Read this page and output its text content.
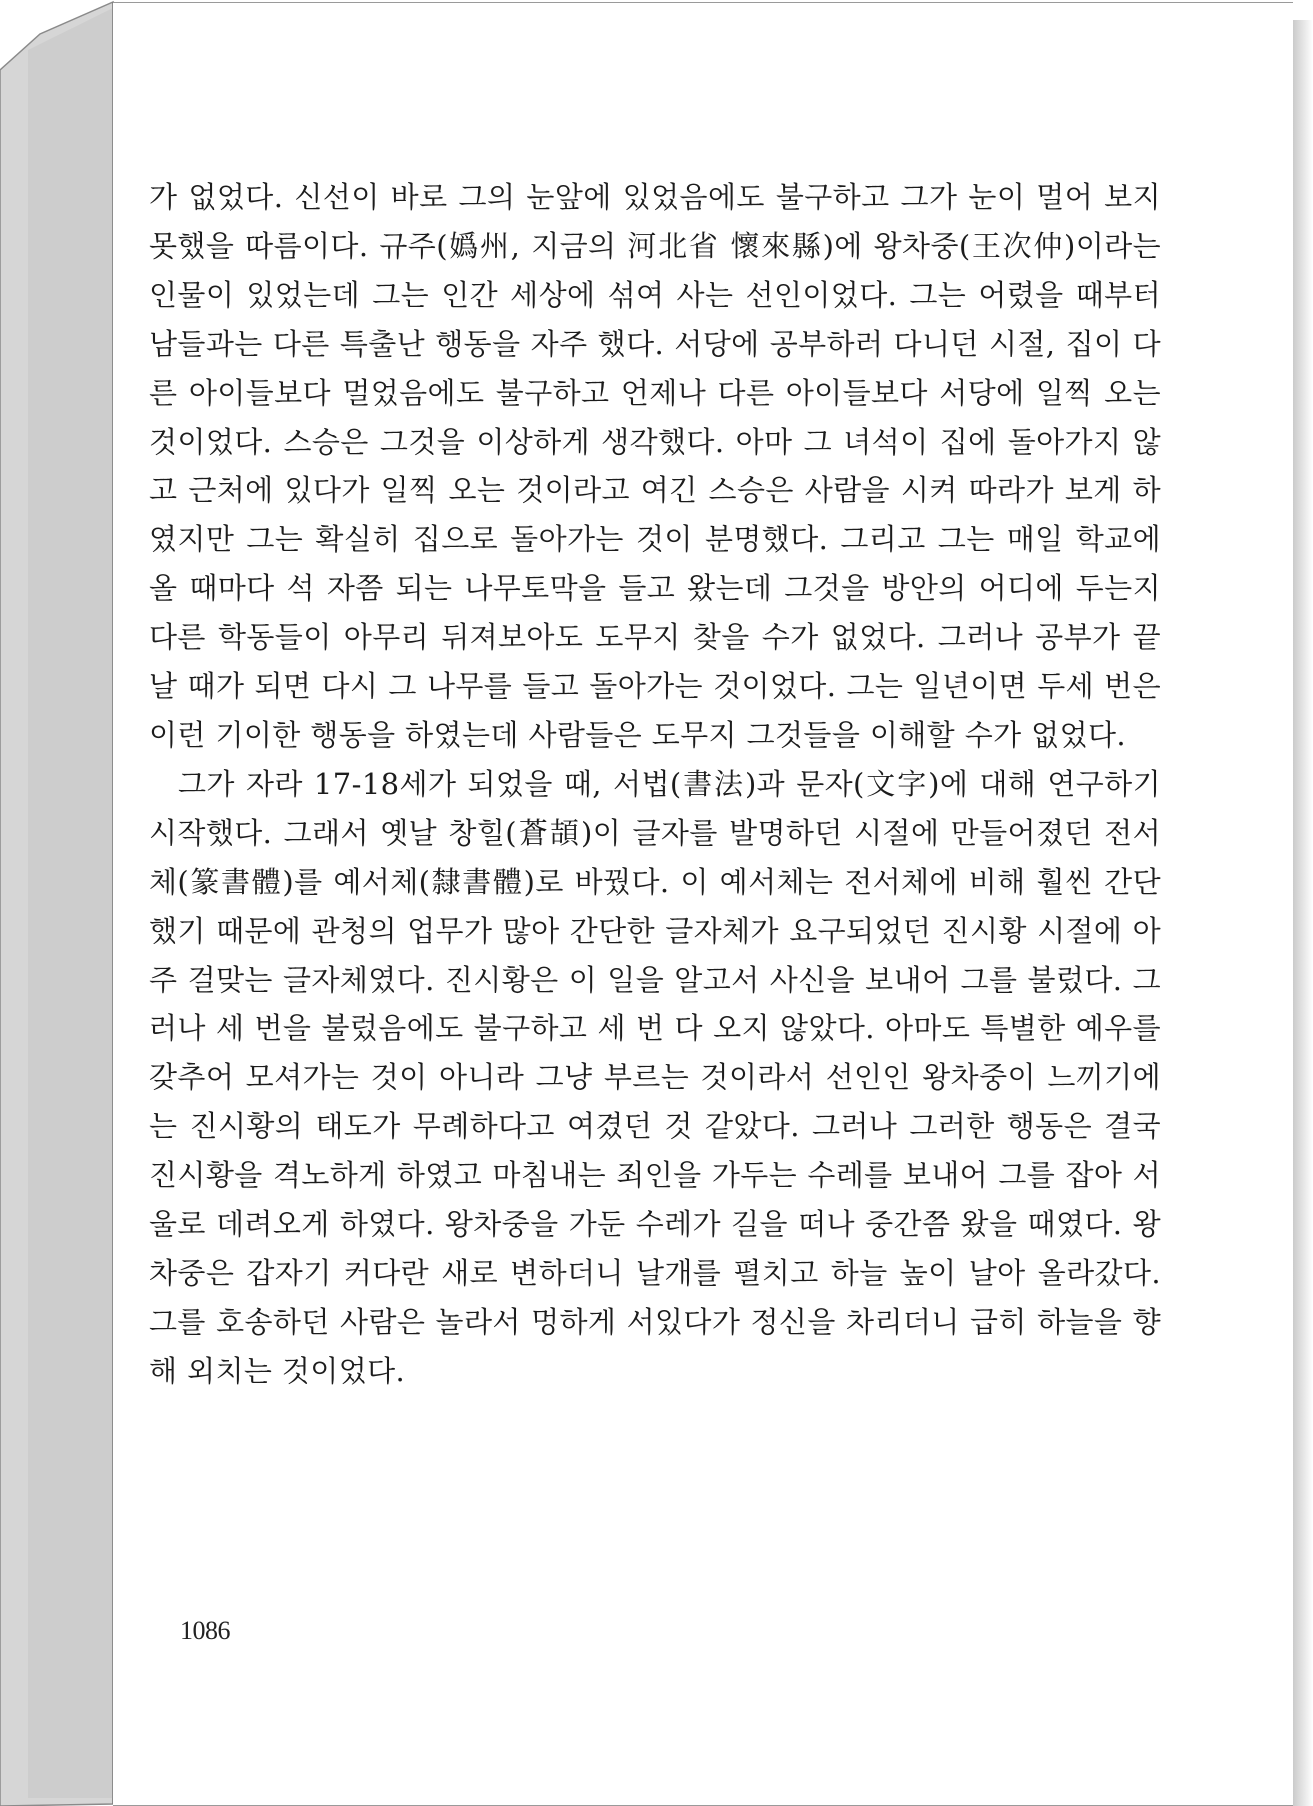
가 없었다. 신선이 바로 그의 눈앞에 있었음에도 불구하고 그가 눈이 멀어 보지 못했을 따름이다. 규주(嬀州, 지금의 河北省 懷來縣)에 왕차중(王次仲)이라는 인물이 있었는데 그는 인간 세상에 섞여 사는 선인이었다. 그는 어렸을 때부터 남들과는 다른 특출난 행동을 자주 했다. 서당에 공부하러 다니던 시절, 집이 다른 아이들보다 멀었음에도 불구하고 언제나 다른 아이들보다 서당에 일찍 오는 것이었다. 스승은 그것을 이상하게 생각했다. 아마 그 녀석이 집에 돌아가지 않고 근처에 있다가 일찍 오는 것이라고 여긴 스승은 사람을 시켜 따라가 보게 하였지만 그는 확실히 집으로 돌아가는 것이 분명했다. 그리고 그는 매일 학교에 올 때마다 석 자쯤 되는 나무토막을 들고 왔는데 그것을 방안의 어디에 두는지 다른 학동들이 아무리 뒤져보아도 도무지 찾을 수가 없었다. 그러나 공부가 끝날 때가 되면 다시 그 나무를 들고 돌아가는 것이었다. 그는 일년이면 두세 번은 이런 기이한 행동을 하였는데 사람들은 도무지 그것들을 이해할 수가 없었다.

그가 자라 17-18세가 되었을 때, 서법(書法)과 문자(文字)에 대해 연구하기 시작했다. 그래서 옛날 창힐(蒼頡)이 글자를 발명하던 시절에 만들어졌던 전서체(篆書體)를 예서체(隸書體)로 바꿨다. 이 예서체는 전서체에 비해 훨씬 간단했기 때문에 관청의 업무가 많아 간단한 글자체가 요구되었던 진시황 시절에 아주 걸맞는 글자체였다. 진시황은 이 일을 알고서 사신을 보내어 그를 불렀다. 그러나 세 번을 불렀음에도 불구하고 세 번 다 오지 않았다. 아마도 특별한 예우를 갖추어 모셔가는 것이 아니라 그냥 부르는 것이라서 선인인 왕차중이 느끼기에는 진시황의 태도가 무례하다고 여겼던 것 같았다. 그러나 그러한 행동은 결국 진시황을 격노하게 하였고 마침내는 죄인을 가두는 수레를 보내어 그를 잡아 서울로 데려오게 하였다. 왕차중을 가둔 수레가 길을 떠나 중간쯤 왔을 때였다. 왕차중은 갑자기 커다란 새로 변하더니 날개를 펼치고 하늘 높이 날아 올라갔다. 그를 호송하던 사람은 놀라서 멍하게 서있다가 정신을 차리더니 급히 하늘을 향해 외치는 것이었다.

1086
